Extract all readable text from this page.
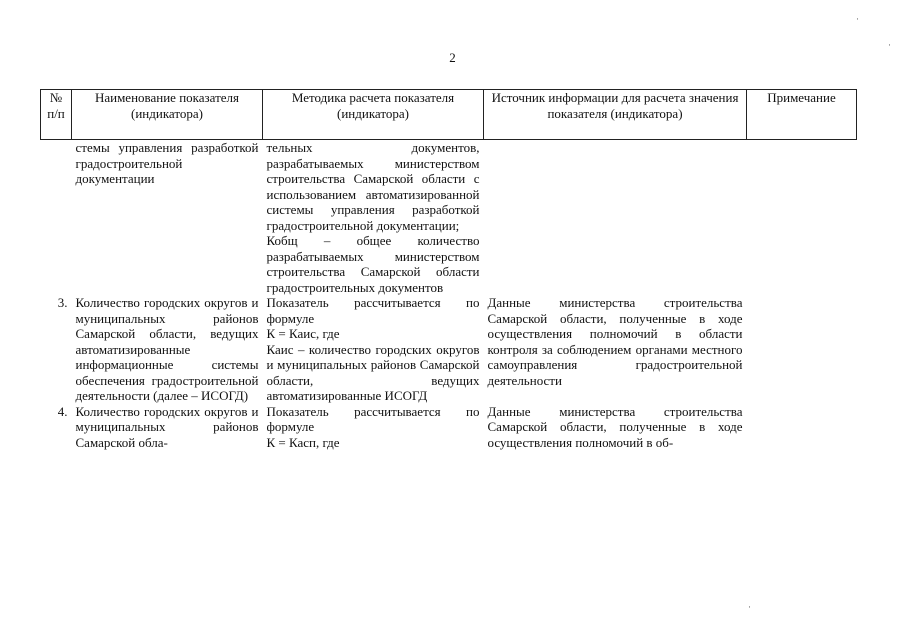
2
№ п/п	Наименование показателя (индикатора)	Методика расчета показателя (индикатора)	Источник информации для расчета значения показателя (индикатора)	Примечание

	стемы управления разработкой градостроительной документации	тельных документов, разрабатываемых министерством строительства Самарской области с использованием автоматизированной системы управления разработкой градостроительной документации;
Кобщ – общее количество разрабатываемых министерством строительства Самарской области градостроительных документов		

3.	Количество городских округов и муниципальных районов Самарской области, ведущих автоматизированные информационные системы обеспечения градостроительной деятельности (далее – ИСОГД)	Показатель рассчитывается по формуле
К = Каис, где
Каис – количество городских округов и муниципальных районов Самарской области, ведущих автоматизированные ИСОГД	Данные министерства строительства Самарской области, полученные в ходе осуществления полномочий в области контроля за соблюдением органами местного самоуправления градостроительной деятельности	

4.	Количество городских округов и муниципальных районов Самарской обла-	Показатель рассчитывается по формуле
К = Касп, где	Данные министерства строительства Самарской области, полученные в ходе осуществления полномочий в об-	

·
·
·
